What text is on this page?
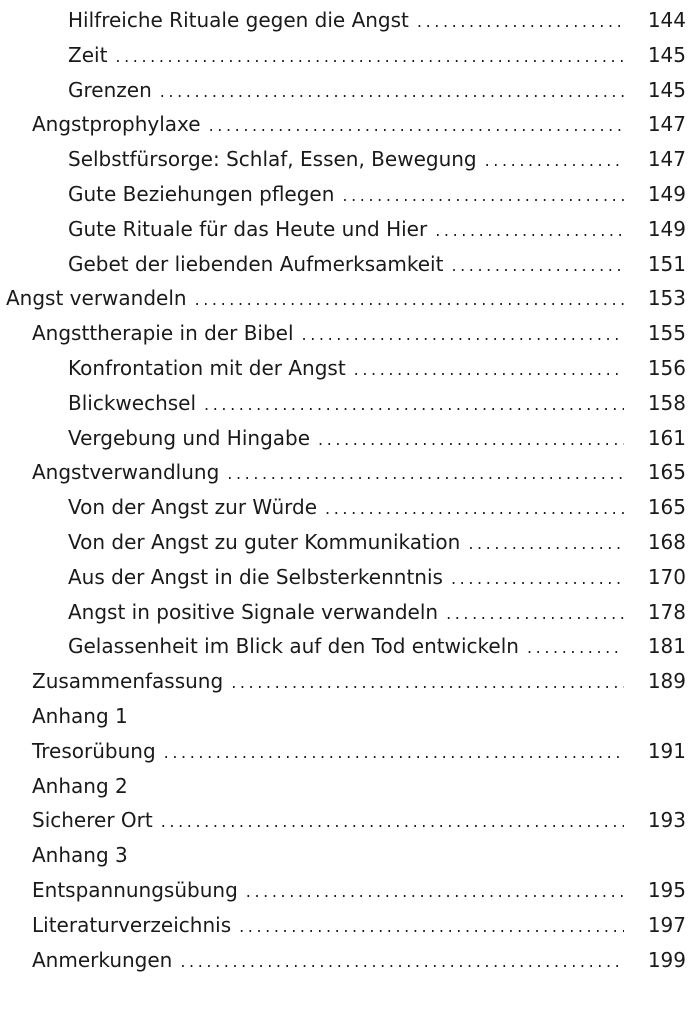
Hilfreiche Rituale gegen die Angst .....	144
Zeit .....	145
Grenzen .....	145
Angstprophylaxe .....	147
Selbstfürsorge: Schlaf, Essen, Bewegung .....	147
Gute Beziehungen pflegen .....	149
Gute Rituale für das Heute und Hier .....	149
Gebet der liebenden Aufmerksamkeit .....	151
Angst verwandeln .....	153
Angsttherapie in der Bibel .....	155
Konfrontation mit der Angst .....	156
Blickwechsel .....	158
Vergebung und Hingabe .....	161
Angstverwandlung .....	165
Von der Angst zur Würde .....	165
Von der Angst zu guter Kommunikation .....	168
Aus der Angst in die Selbsterkenntnis .....	170
Angst in positive Signale verwandeln .....	178
Gelassenheit im Blick auf den Tod entwickeln .....	181
Zusammenfassung .....	189
Anhang 1
Tresorübung .....	191
Anhang 2
Sicherer Ort .....	193
Anhang 3
Entspannungsübung .....	195
Literaturverzeichnis .....	197
Anmerkungen .....	199
